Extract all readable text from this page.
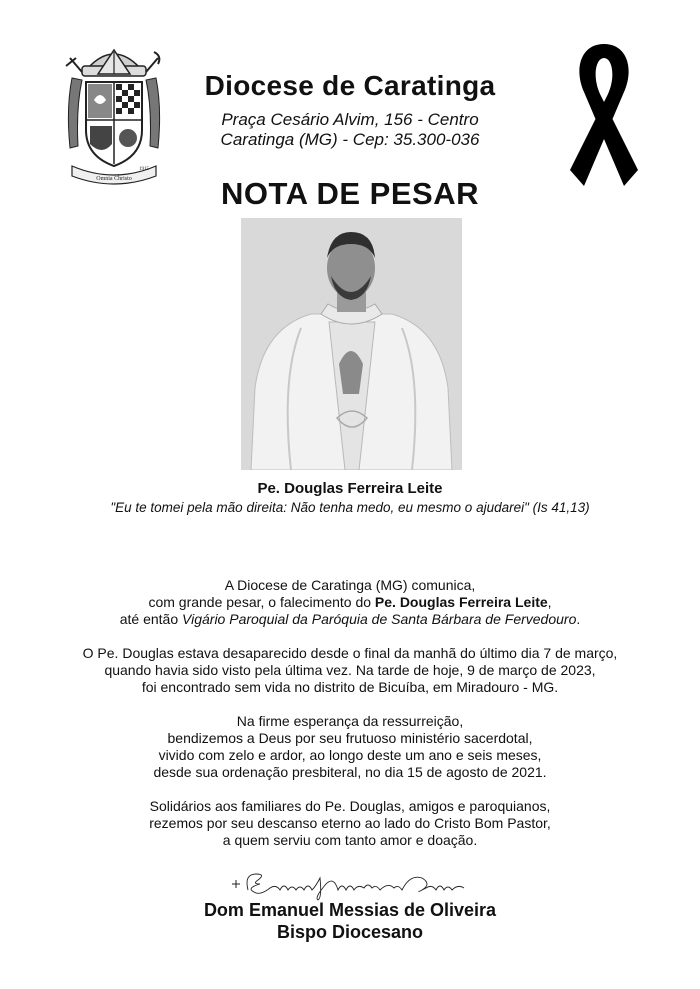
Omnia Christo
1915
Diocese de Caratinga
Praça Cesário Alvim, 156 - Centro
Caratinga (MG) - Cep: 35.300-036
NOTA DE PESAR
Pe. Douglas Ferreira Leite
"Eu te tomei pela mão direita: Não tenha medo, eu mesmo o ajudarei" (Is 41,13)
A Diocese de Caratinga (MG) comunica,
com grande pesar, o falecimento do Pe. Douglas Ferreira Leite,
até então Vigário Paroquial da Paróquia de Santa Bárbara de Fervedouro.
O Pe. Douglas estava desaparecido desde o final da manhã do último dia 7 de março,
quando havia sido visto pela última vez. Na tarde de hoje, 9 de março de 2023,
foi encontrado sem vida no distrito de Bicuíba, em Miradouro - MG.
Na firme esperança da ressurreição,
bendizemos a Deus por seu frutuoso ministério sacerdotal,
vivido com zelo e ardor, ao longo deste um ano e seis meses,
desde sua ordenação presbiteral, no dia 15 de agosto de 2021.
Solidários aos familiares do Pe. Douglas, amigos e paroquianos,
rezemos por seu descanso eterno ao lado do Cristo Bom Pastor,
a quem serviu com tanto amor e doação.
Dom Emanuel Messias de Oliveira
Bispo Diocesano
